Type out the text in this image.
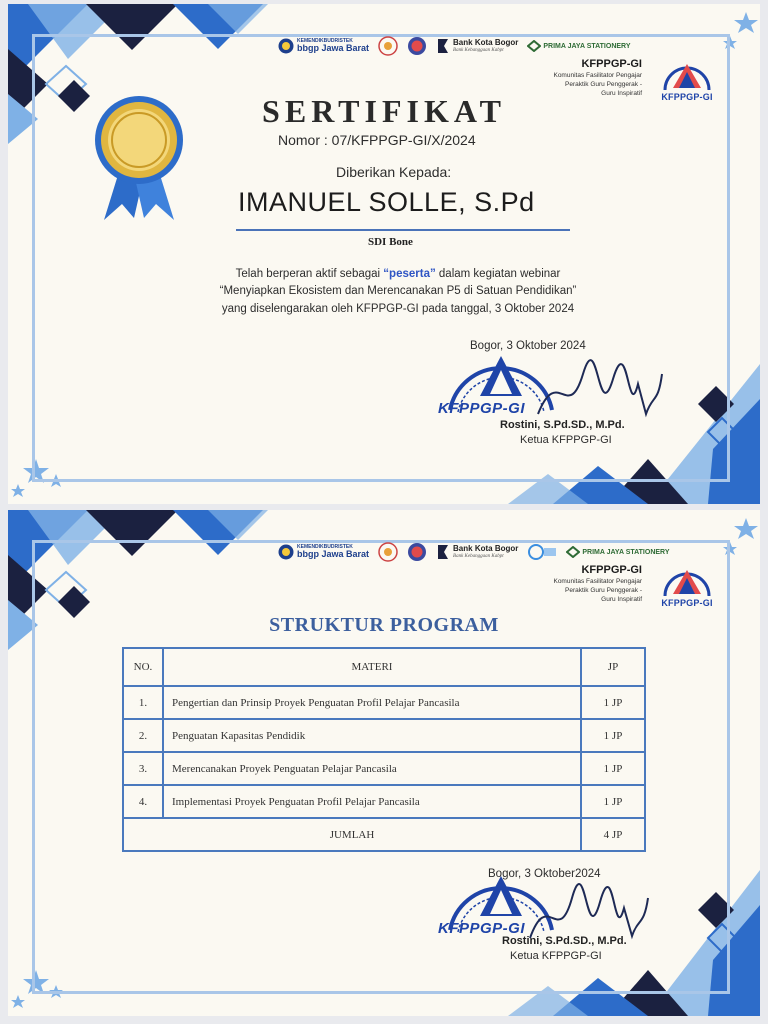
KEMENDIKBUDRISTEK
bbgp Jawa Barat
Bank Kota Bogor
Bank Kebanggaan Kabpt
PRIMA JAYA STATIONERY
KFPPGP-GI
Komunitas Fasilitator Pengajar Peraktik Guru Penggerak - Guru Inspiratif KFPPGP-GI
SERTIFIKAT
Nomor : 07/KFPPGP-GI/X/2024
Diberikan Kepada:
IMANUEL SOLLE, S.Pd
SDI Bone
Telah berperan aktif sebagai “peserta” dalam kegiatan webinar
“Menyiapkan Ekosistem dan Merencanakan P5 di Satuan Pendidikan”
yang diselengarakan oleh KFPPGP-GI pada tanggal, 3 Oktober 2024
KFPPGP-GI
Bogor, 3 Oktober 2024
Rostini, S.Pd.SD., M.Pd.
Ketua KFPPGP-GI
KEMENDIKBUDRISTEK
bbgp Jawa Barat
Bank Kota Bogor
Bank Kebanggaan Kabpt
PRIMA JAYA STATIONERY
KFPPGP-GI
Komunitas Fasilitator Pengajar Peraktik Guru Penggerak - Guru Inspiratif KFPPGP-GI
STRUKTUR PROGRAM
NO.	MATERI	JP
1.	Pengertian dan Prinsip Proyek Penguatan Profil Pelajar Pancasila	1 JP
2.	Penguatan Kapasitas Pendidik	1 JP
3.	Merencanakan Proyek Penguatan Pelajar Pancasila	1 JP
4.	Implementasi Proyek Penguatan Profil Pelajar Pancasila	1 JP
JUMLAH		4 JP
KFPPGP-GI
Bogor, 3 Oktober2024
Rostini, S.Pd.SD., M.Pd.
Ketua KFPPGP-GI
